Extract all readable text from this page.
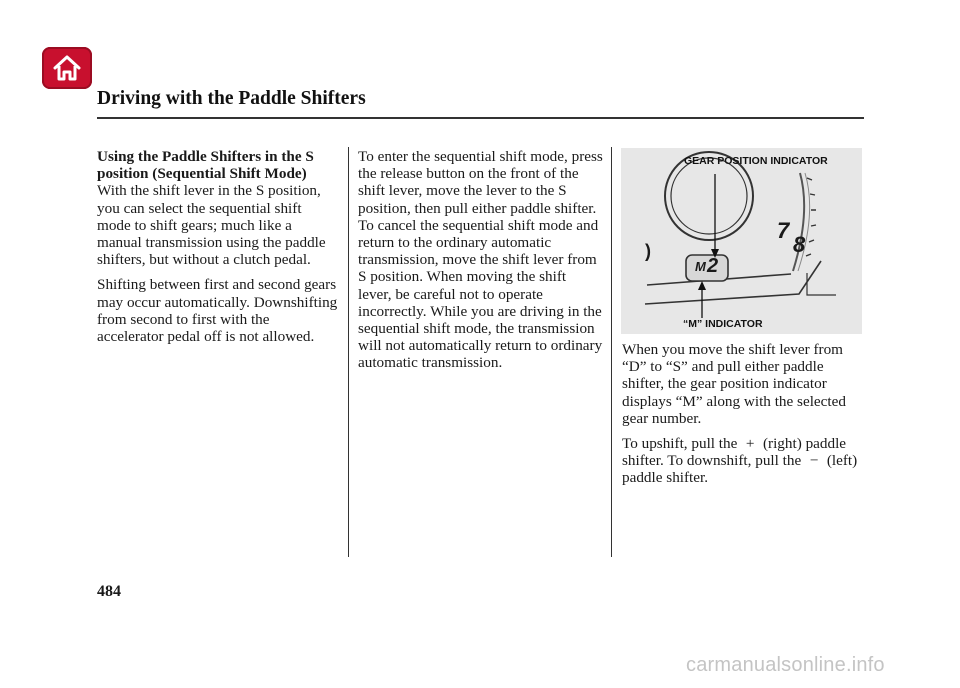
Driving with the Paddle Shifters
Using the Paddle Shifters in the S position (Sequential Shift Mode)

With the shift lever in the S position, you can select the sequential shift mode to shift gears; much like a manual transmission using the paddle shifters, but without a clutch pedal.

Shifting between first and second gears may occur automatically. Downshifting from second to first with the accelerator pedal off is not allowed.

To enter the sequential shift mode, press the release button on the front of the shift lever, move the lever to the S position, then pull either paddle shifter. To cancel the sequential shift mode and return to the ordinary automatic transmission, move the shift lever from S position. When moving the shift lever, be careful not to operate incorrectly. While you are driving in the sequential shift mode, the transmission will not automatically return to ordinary automatic transmission.

GEAR POSITION INDICATOR
“M” INDICATOR
7
8
)
M 2

When you move the shift lever from “D” to “S” and pull either paddle shifter, the gear position indicator displays “M” along with the selected gear number.

To upshift, pull the + (right) paddle shifter. To downshift, pull the − (left) paddle shifter.

484
carmanualsonline.info
